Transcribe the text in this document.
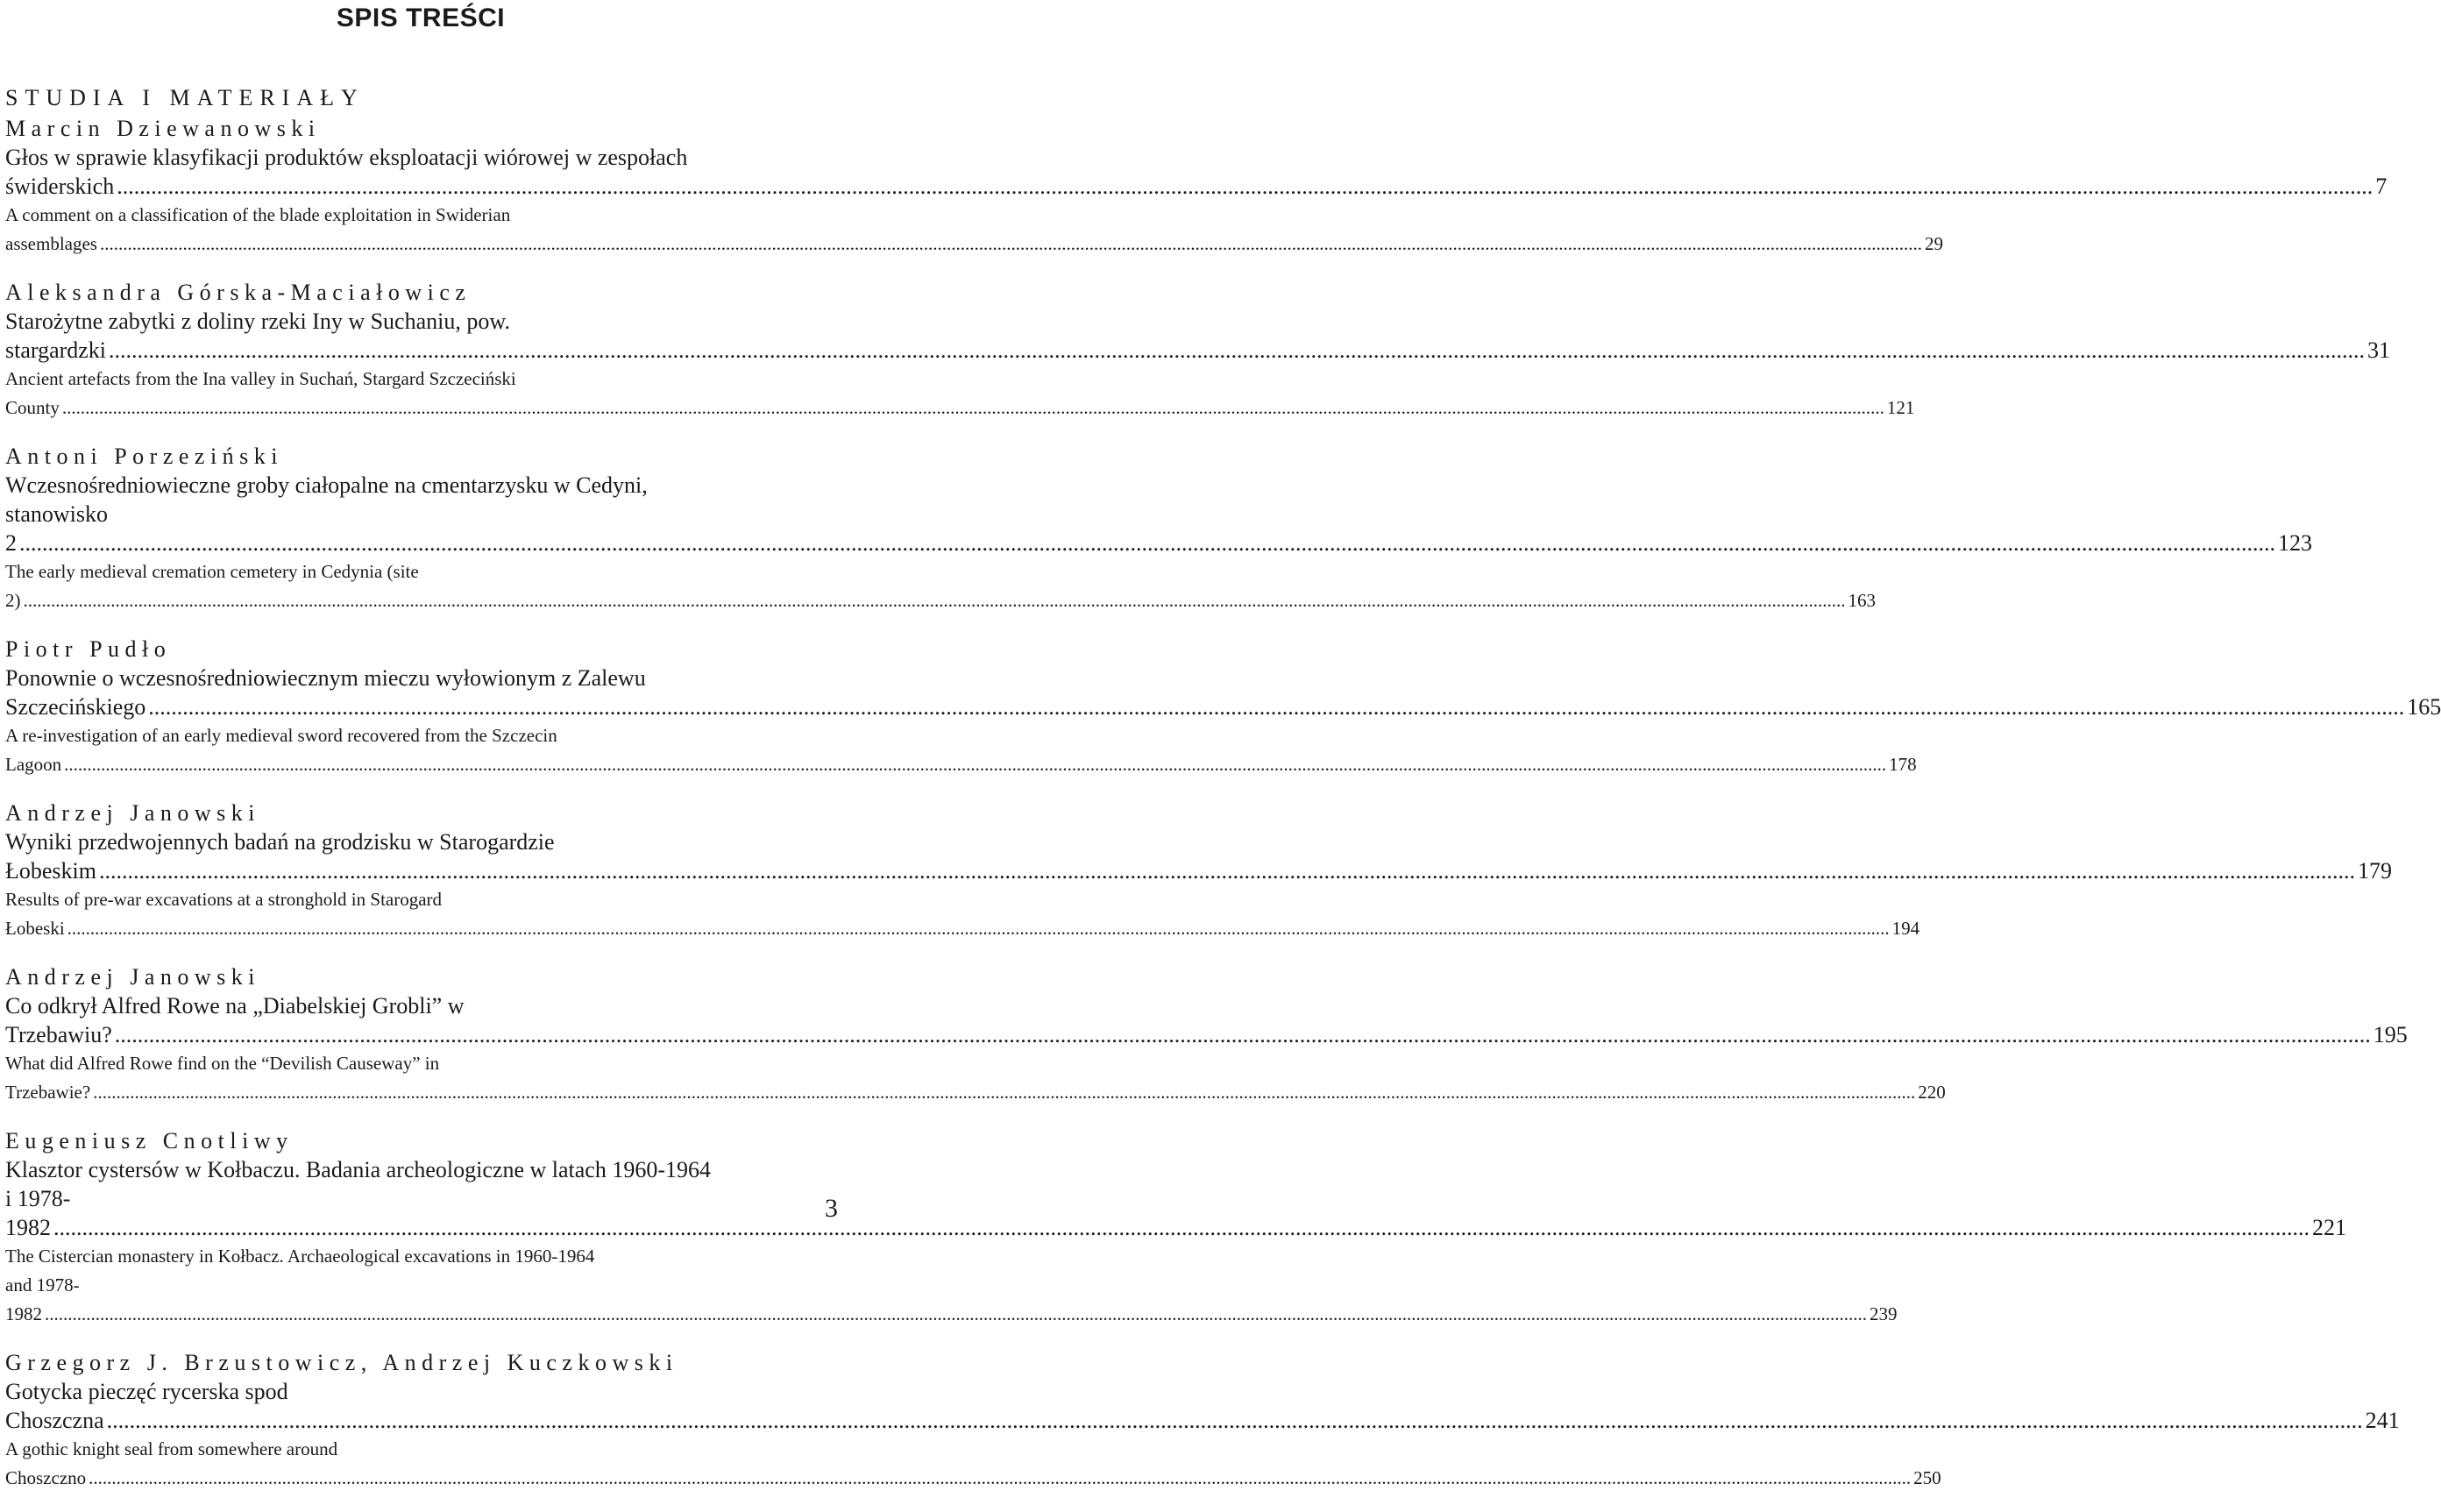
SPIS TREŚCI
STUDIA I MATERIAŁY
Marcin Dziewanowski
Głos w sprawie klasyfikacji produktów eksploatacji wiórowej w zespołach
świderskich .....	7
A comment on a classification of the blade exploitation in Swiderian assemblages .....	29
Aleksandra Górska-Maciałowicz
Starożytne zabytki z doliny rzeki Iny w Suchaniu, pow. stargardzki .....	31
Ancient artefacts from the Ina valley in Suchań, Stargard Szczeciński County .....	121
Antoni Porzeziński
Wczesnośredniowieczne groby ciałopalne na cmentarzysku w Cedyni,
stanowisko 2 .....	123
The early medieval cremation cemetery in Cedynia (site 2) .....	163
Piotr Pudło
Ponownie o wczesnośredniowiecznym mieczu wyłowionym z Zalewu
Szczecińskiego .....	165
A re-investigation of an early medieval sword recovered from the Szczecin Lagoon .....	178
Andrzej Janowski
Wyniki przedwojennych badań na grodzisku w Starogardzie Łobeskim .....	179
Results of pre-war excavations at a stronghold in Starogard Łobeski .....	194
Andrzej Janowski
Co odkrył Alfred Rowe na „Diabelskiej Grobli” w Trzebawiu? .....	195
What did Alfred Rowe find on the “Devilish Causeway” in Trzebawie? .....	220
Eugeniusz Cnotliwy
Klasztor cystersów w Kołbaczu. Badania archeologiczne w latach 1960-1964
i 1978-1982 .....	221
The Cistercian monastery in Kołbacz. Archaeological excavations in 1960-1964
and 1978-1982 .....	239
Grzegorz J. Brzustowicz, Andrzej Kuczkowski
Gotycka pieczęć rycerska spod Choszczna .....	241
A gothic knight seal from somewhere around Choszczno .....	250
3
